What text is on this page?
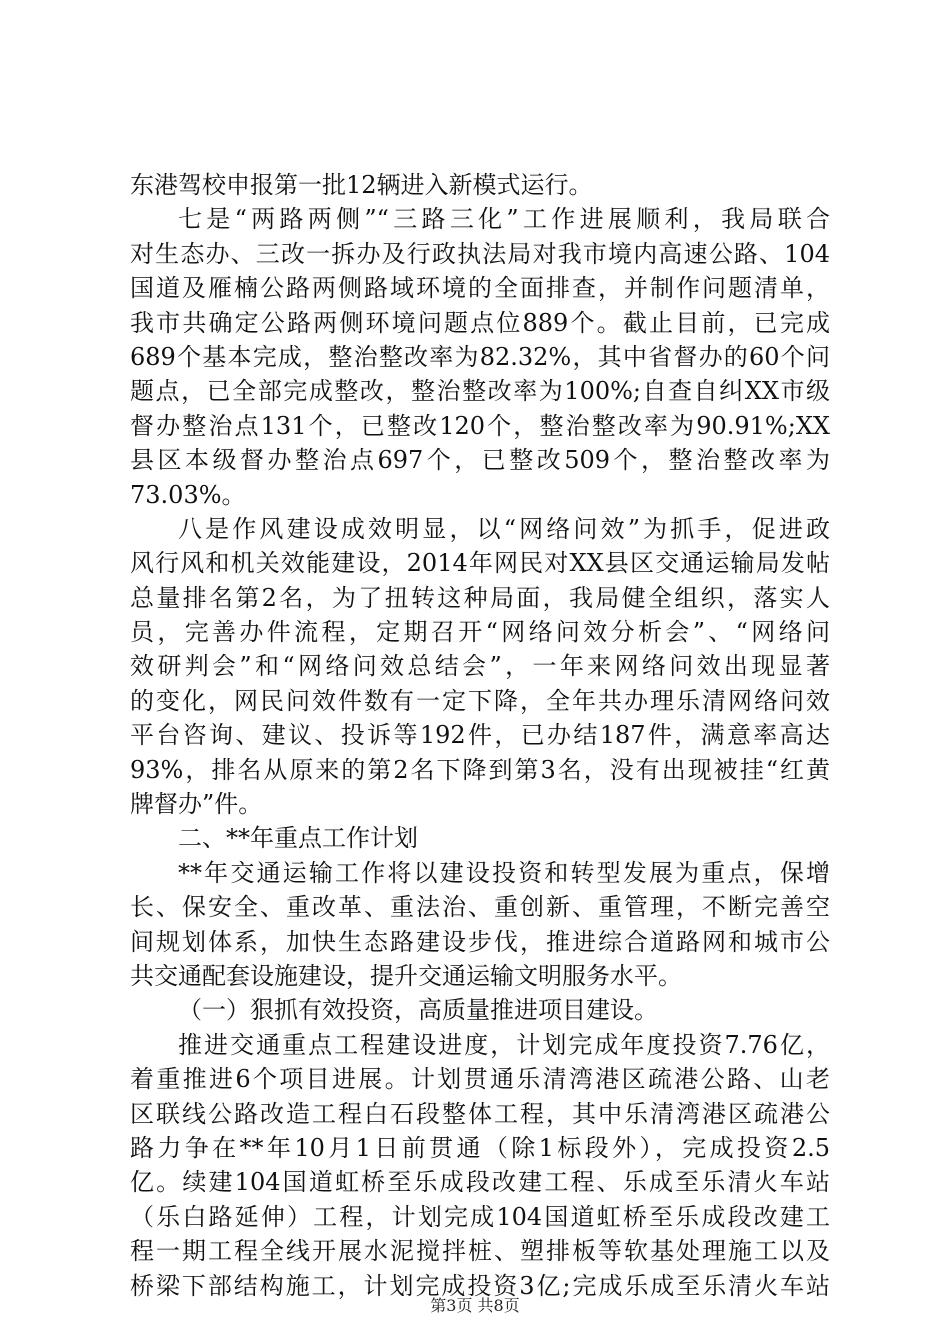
东港驾校申报第一批12辆进入新模式运行。
七是“两路两侧”“三路三化”工作进展顺利，我局联合
对生态办、三改一拆办及行政执法局对我市境内高速公路、104
国道及雁楠公路两侧路域环境的全面排查，并制作问题清单，
我市共确定公路两侧环境问题点位889个。截止目前，已完成
689个基本完成，整治整改率为82.32%，其中省督办的60个问
题点，已全部完成整改，整治整改率为100%;自查自纠XX市级
督办整治点131个，已整改120个，整治整改率为90.91%;XX
县区本级督办整治点697个，已整改509个，整治整改率为
73.03%。
八是作风建设成效明显，以“网络问效”为抓手，促进政
风行风和机关效能建设，2014年网民对XX县区交通运输局发帖
总量排名第2名，为了扭转这种局面，我局健全组织，落实人
员，完善办件流程，定期召开“网络问效分析会”、“网络问
效研判会”和“网络问效总结会”，一年来网络问效出现显著
的变化，网民问效件数有一定下降，全年共办理乐清网络问效
平台咨询、建议、投诉等192件，已办结187件，满意率高达
93%，排名从原来的第2名下降到第3名，没有出现被挂“红黄
牌督办”件。
二、**年重点工作计划
**年交通运输工作将以建设投资和转型发展为重点，保增
长、保安全、重改革、重法治、重创新、重管理，不断完善空
间规划体系，加快生态路建设步伐，推进综合道路网和城市公
共交通配套设施建设，提升交通运输文明服务水平。
（一）狠抓有效投资，高质量推进项目建设。
推进交通重点工程建设进度，计划完成年度投资7.76亿，
着重推进6个项目进展。计划贯通乐清湾港区疏港公路、山老
区联线公路改造工程白石段整体工程，其中乐清湾港区疏港公
路力争在**年10月1日前贯通（除1标段外），完成投资2.5
亿。续建104国道虹桥至乐成段改建工程、乐成至乐清火车站
（乐白路延伸）工程，计划完成104国道虹桥至乐成段改建工
程一期工程全线开展水泥搅拌桩、塑排板等软基处理施工以及
桥梁下部结构施工，计划完成投资3亿;完成乐成至乐清火车站
第3页 共8页
